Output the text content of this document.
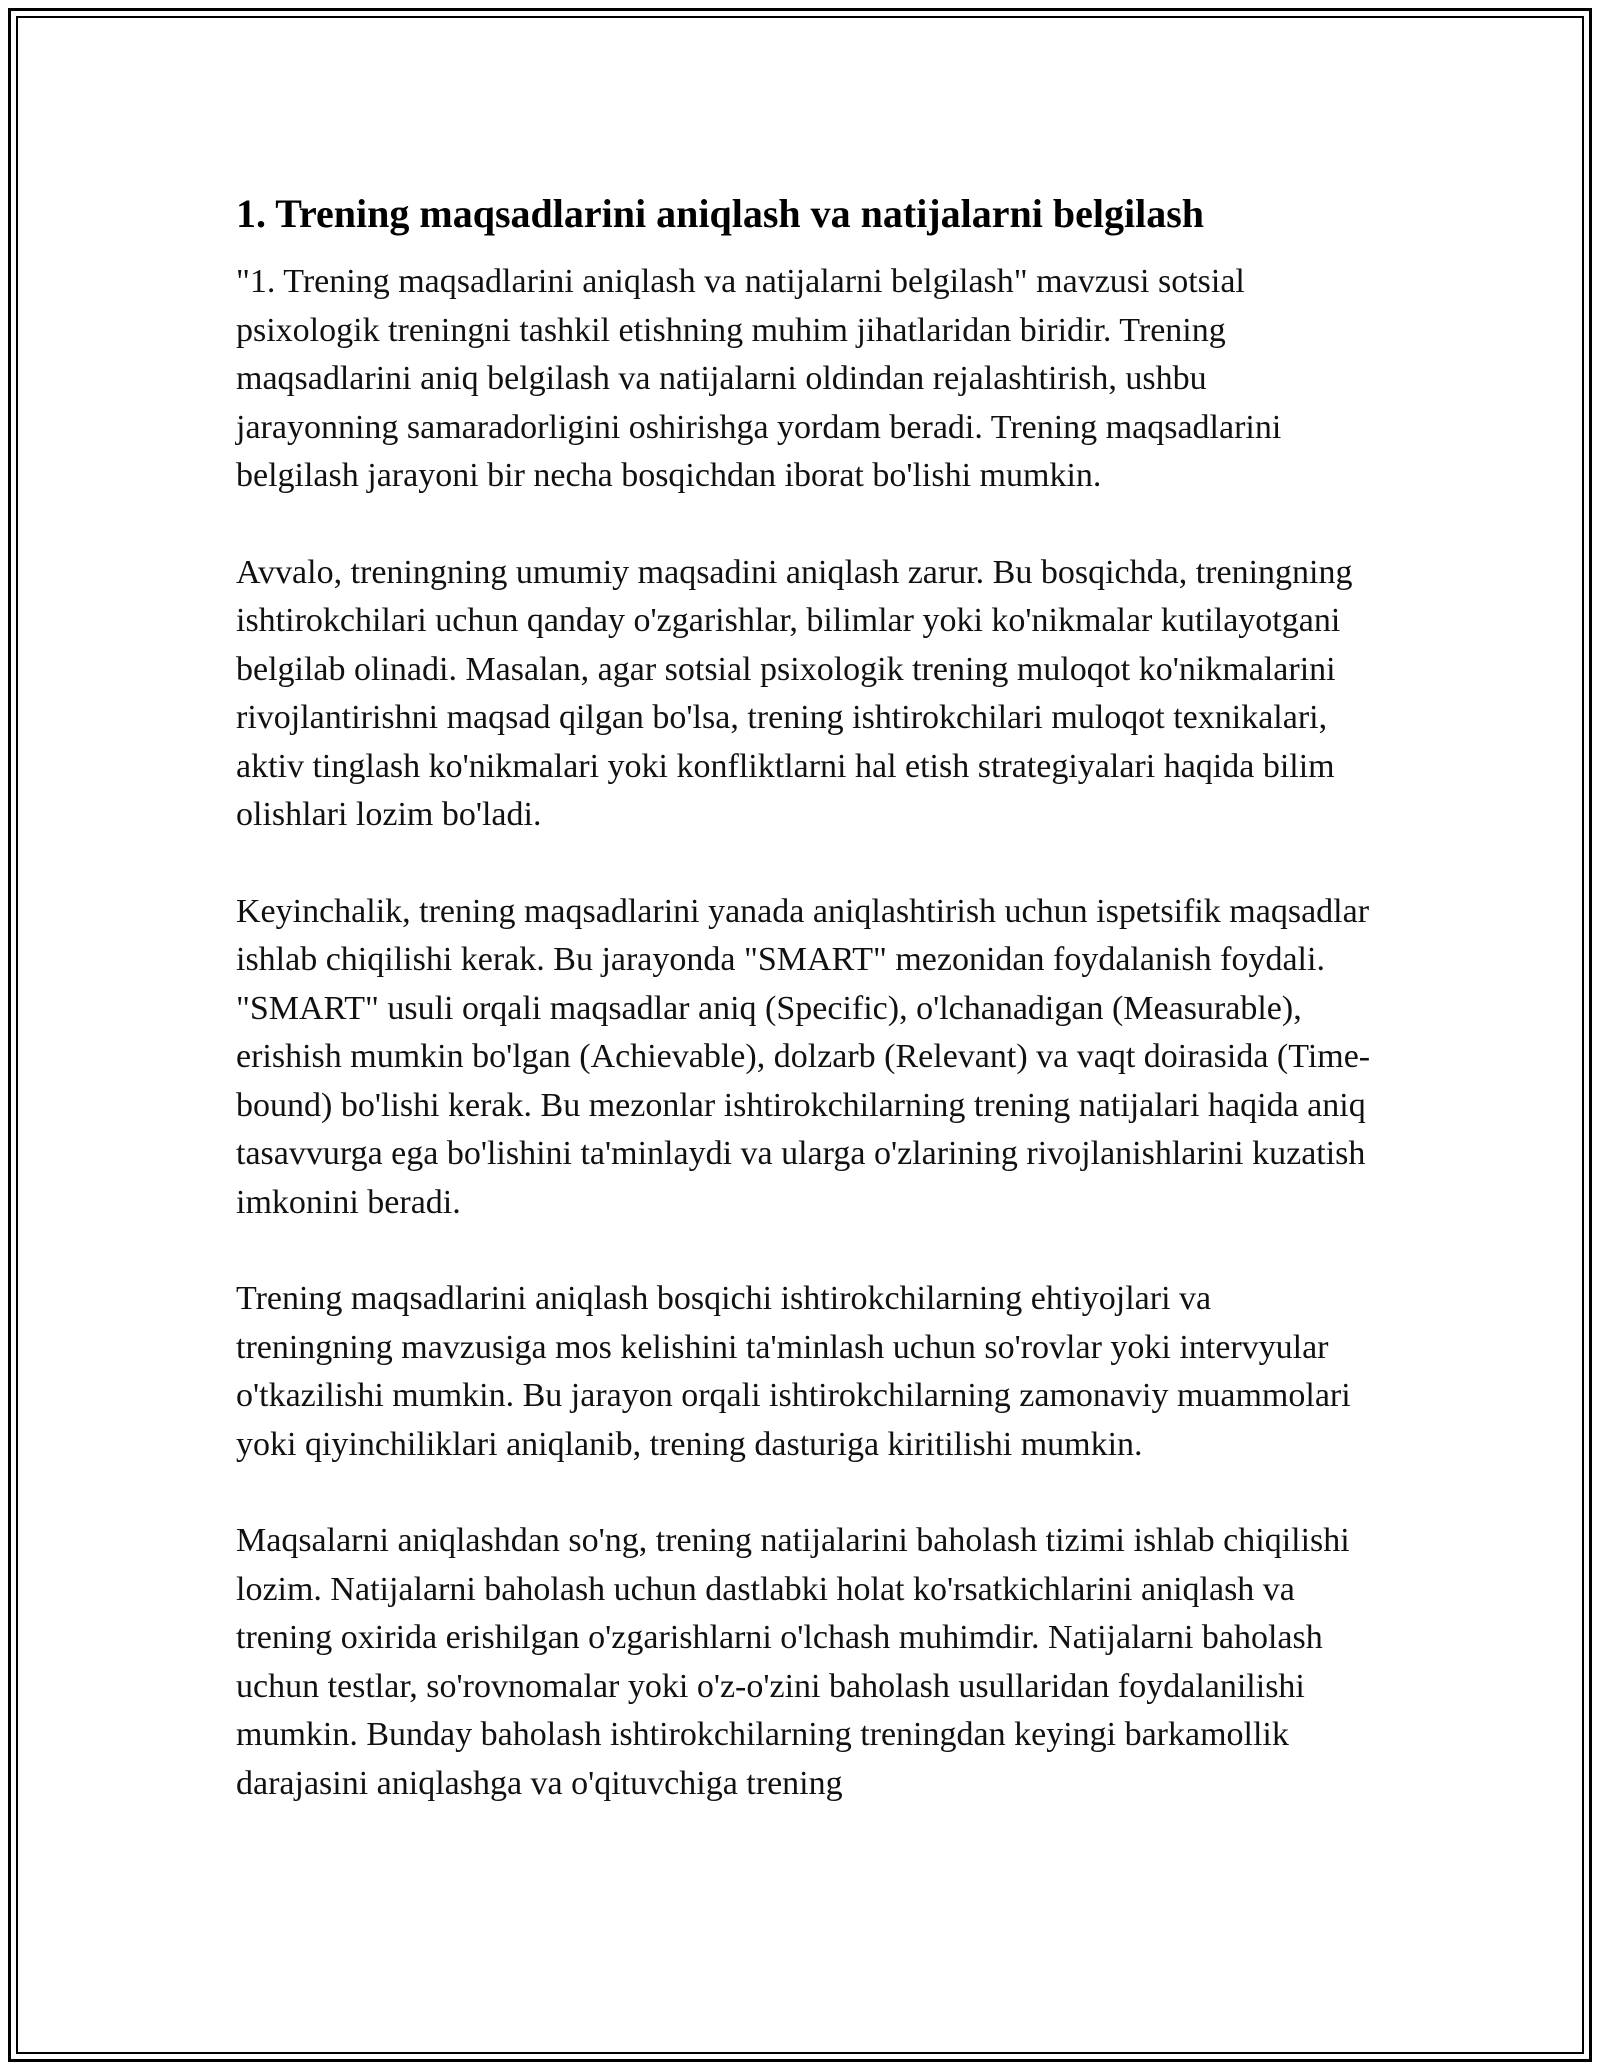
1. Trening maqsadlarini aniqlash va natijalarni belgilash

"1. Trening maqsadlarini aniqlash va natijalarni belgilash" mavzusi sotsial psixologik treningni tashkil etishning muhim jihatlaridan biridir. Trening maqsadlarini aniq belgilash va natijalarni oldindan rejalashtirish, ushbu jarayonning samaradorligini oshirishga yordam beradi. Trening maqsadlarini belgilash jarayoni bir necha bosqichdan iborat bo'lishi mumkin.

Avvalo, treningning umumiy maqsadini aniqlash zarur. Bu bosqichda, treningning ishtirokchilari uchun qanday o'zgarishlar, bilimlar yoki ko'nikmalar kutilayotgani belgilab olinadi. Masalan, agar sotsial psixologik trening muloqot ko'nikmalarini rivojlantirishni maqsad qilgan bo'lsa, trening ishtirokchilari muloqot texnikalari, aktiv tinglash ko'nikmalari yoki konfliktlarni hal etish strategiyalari haqida bilim olishlari lozim bo'ladi.

Keyinchalik, trening maqsadlarini yanada aniqlashtirish uchun ispetsifik maqsadlar ishlab chiqilishi kerak. Bu jarayonda "SMART" mezonidan foydalanish foydali. "SMART" usuli orqali maqsadlar aniq (Specific), o'lchanadigan (Measurable), erishish mumkin bo'lgan (Achievable), dolzarb (Relevant) va vaqt doirasida (Time-bound) bo'lishi kerak. Bu mezonlar ishtirokchilarning trening natijalari haqida aniq tasavvurga ega bo'lishini ta'minlaydi va ularga o'zlarining rivojlanishlarini kuzatish imkonini beradi.

Trening maqsadlarini aniqlash bosqichi ishtirokchilarning ehtiyojlari va treningning mavzusiga mos kelishini ta'minlash uchun so'rovlar yoki intervyular o'tkazilishi mumkin. Bu jarayon orqali ishtirokchilarning zamonaviy muammolari yoki qiyinchiliklari aniqlanib, trening dasturiga kiritilishi mumkin.

Maqsalarni aniqlashdan so'ng, trening natijalarini baholash tizimi ishlab chiqilishi lozim. Natijalarni baholash uchun dastlabki holat ko'rsatkichlarini aniqlash va trening oxirida erishilgan o'zgarishlarni o'lchash muhimdir. Natijalarni baholash uchun testlar, so'rovnomalar yoki o'z-o'zini baholash usullaridan foydalanilishi mumkin. Bunday baholash ishtirokchilarning treningdan keyingi barkamollik darajasini aniqlashga va o'qituvchiga trening
